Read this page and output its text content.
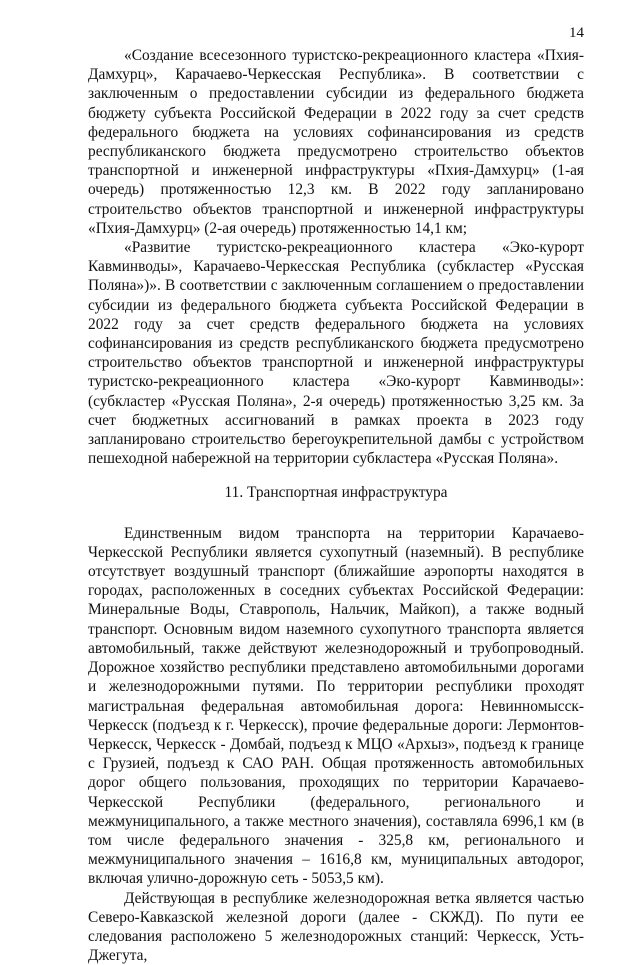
14

«Создание всесезонного туристско-рекреационного кластера «Пхия-Дамхурц», Карачаево-Черкесская Республика». В соответствии с заключенным о предоставлении субсидии из федерального бюджета бюджету субъекта Российской Федерации в 2022 году за счет средств федерального бюджета на условиях софинансирования из средств республиканского бюджета предусмотрено строительство объектов транспортной и инженерной инфраструктуры «Пхия-Дамхурц» (1-ая очередь) протяженностью 12,3 км. В 2022 году запланировано строительство объектов транспортной и инженерной инфраструктуры «Пхия-Дамхурц» (2-ая очередь) протяженностью 14,1 км;

«Развитие туристско-рекреационного кластера «Эко-курорт Кавминводы», Карачаево-Черкесская Республика (субкластер «Русская Поляна»)». В соответствии с заключенным соглашением о предоставлении субсидии из федерального бюджета субъекта Российской Федерации в 2022 году за счет средств федерального бюджета на условиях софинансирования из средств республиканского бюджета предусмотрено строительство объектов транспортной и инженерной инфраструктуры туристско-рекреационного кластера «Эко-курорт Кавминводы»: (субкластер «Русская Поляна», 2-я очередь) протяженностью 3,25 км. За счет бюджетных ассигнований в рамках проекта в 2023 году запланировано строительство берегоукрепительной дамбы с устройством пешеходной набережной на территории субкластера «Русская Поляна».

11. Транспортная инфраструктура

Единственным видом транспорта на территории Карачаево-Черкесской Республики является сухопутный (наземный). В республике отсутствует воздушный транспорт (ближайшие аэропорты находятся в городах, расположенных в соседних субъектах Российской Федерации: Минеральные Воды, Ставрополь, Нальчик, Майкоп), а также водный транспорт. Основным видом наземного сухопутного транспорта является автомобильный, также действуют железнодорожный и трубопроводный. Дорожное хозяйство республики представлено автомобильными дорогами и железнодорожными путями. По территории республики проходят магистральная федеральная автомобильная дорога: Невинномысск-Черкесск (подъезд к г. Черкесск), прочие федеральные дороги: Лермонтов-Черкесск, Черкесск - Домбай, подъезд к МЦО «Архыз», подъезд к границе с Грузией, подъезд к САО РАН. Общая протяженность автомобильных дорог общего пользования, проходящих по территории Карачаево-Черкесской Республики (федерального, регионального и межмуниципального, а также местного значения), составляла 6996,1 км (в том числе федерального значения - 325,8 км, регионального и межмуниципального значения – 1616,8 км, муниципальных автодорог, включая улично-дорожную сеть - 5053,5 км).

Действующая в республике железнодорожная ветка является частью Северо-Кавказской железной дороги (далее - СКЖД). По пути ее следования расположено 5 железнодорожных станций: Черкесск, Усть-Джегута,
